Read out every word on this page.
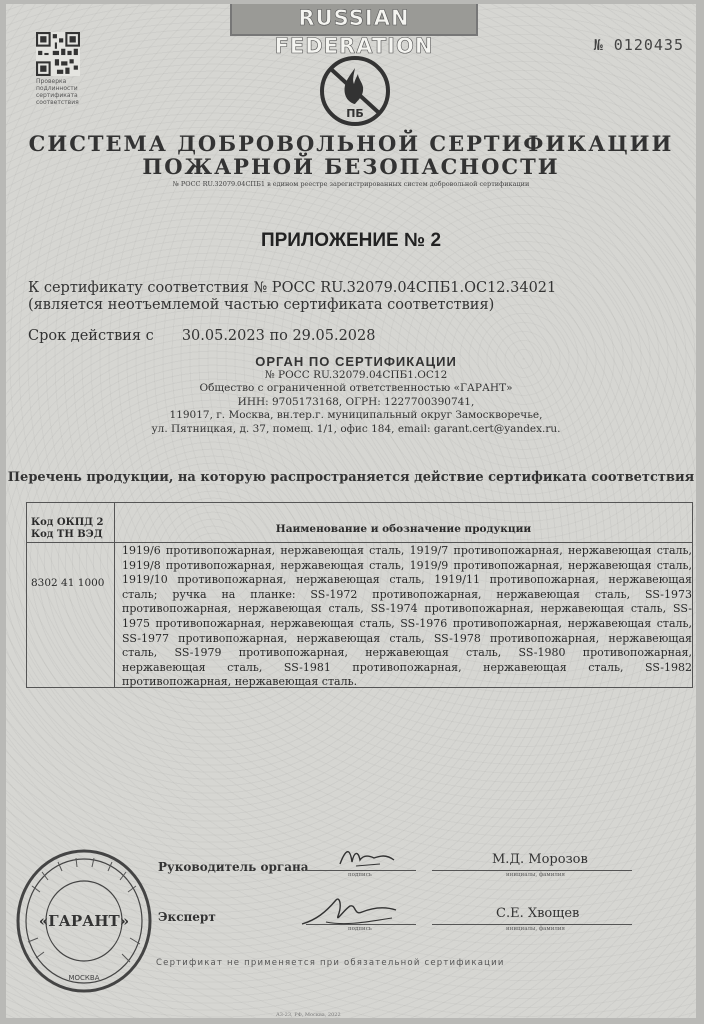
RUSSIAN FEDERATION	№ 0120435
Проверка подлинности сертификата соответствия
ПБ
СИСТЕМА ДОБРОВОЛЬНОЙ СЕРТИФИКАЦИИ
ПОЖАРНОЙ БЕЗОПАСНОСТИ
№ РОСС RU.32079.04СПБ1 в едином реестре зарегистрированных систем добровольной сертификации
ПРИЛОЖЕНИЕ № 2
К сертификату соответствия № РОСС RU.32079.04СПБ1.ОС12.34021
(является неотъемлемой частью сертификата соответствия)
Срок действия с 30.05.2023 по 29.05.2028
ОРГАН ПО СЕРТИФИКАЦИИ
№ РОСС RU.32079.04СПБ1.ОС12
Общество с ограниченной ответственностью «ГАРАНТ»
ИНН: 9705173168, ОГРН: 1227700390741,
119017, г. Москва, вн.тер.г. муниципальный округ Замоскворечье,
ул. Пятницкая, д. 37, помещ. 1/1, офис 184, email: garant.cert@yandex.ru.
Перечень продукции, на которую распространяется действие сертификата соответствия
Код ОКПД 2
Код ТН ВЭД	Наименование и обозначение продукции
8302 41 1000
1919/6 противопожарная, нержавеющая сталь, 1919/7 противопожарная, нержавеющая сталь, 1919/8 противопожарная, нержавеющая сталь, 1919/9 противопожарная, нержавеющая сталь, 1919/10 противопожарная, нержавеющая сталь, 1919/11 противопожарная, нержавеющая сталь; ручка на планке: SS-1972 противопожарная, нержавеющая сталь, SS-1973 противопожарная, нержавеющая сталь, SS-1974 противопожарная, нержавеющая сталь, SS-1975 противопожарная, нержавеющая сталь, SS-1976 противопожарная, нержавеющая сталь, SS-1977 противопожарная, нержавеющая сталь, SS-1978 противопожарная, нержавеющая сталь, SS-1979 противопожарная, нержавеющая сталь, SS-1980 противопожарная, нержавеющая сталь, SS-1981 противопожарная, нержавеющая сталь, SS-1982 противопожарная, нержавеющая сталь.
Руководитель органа
подпись
М.Д. Морозов
инициалы, фамилия
Эксперт
подпись
С.Е. Хвощев
инициалы, фамилия
«ГАРАНТ»
МОСКВА
Сертификат не применяется при обязательной сертификации
А3-23, РФ, Москва, 2022
